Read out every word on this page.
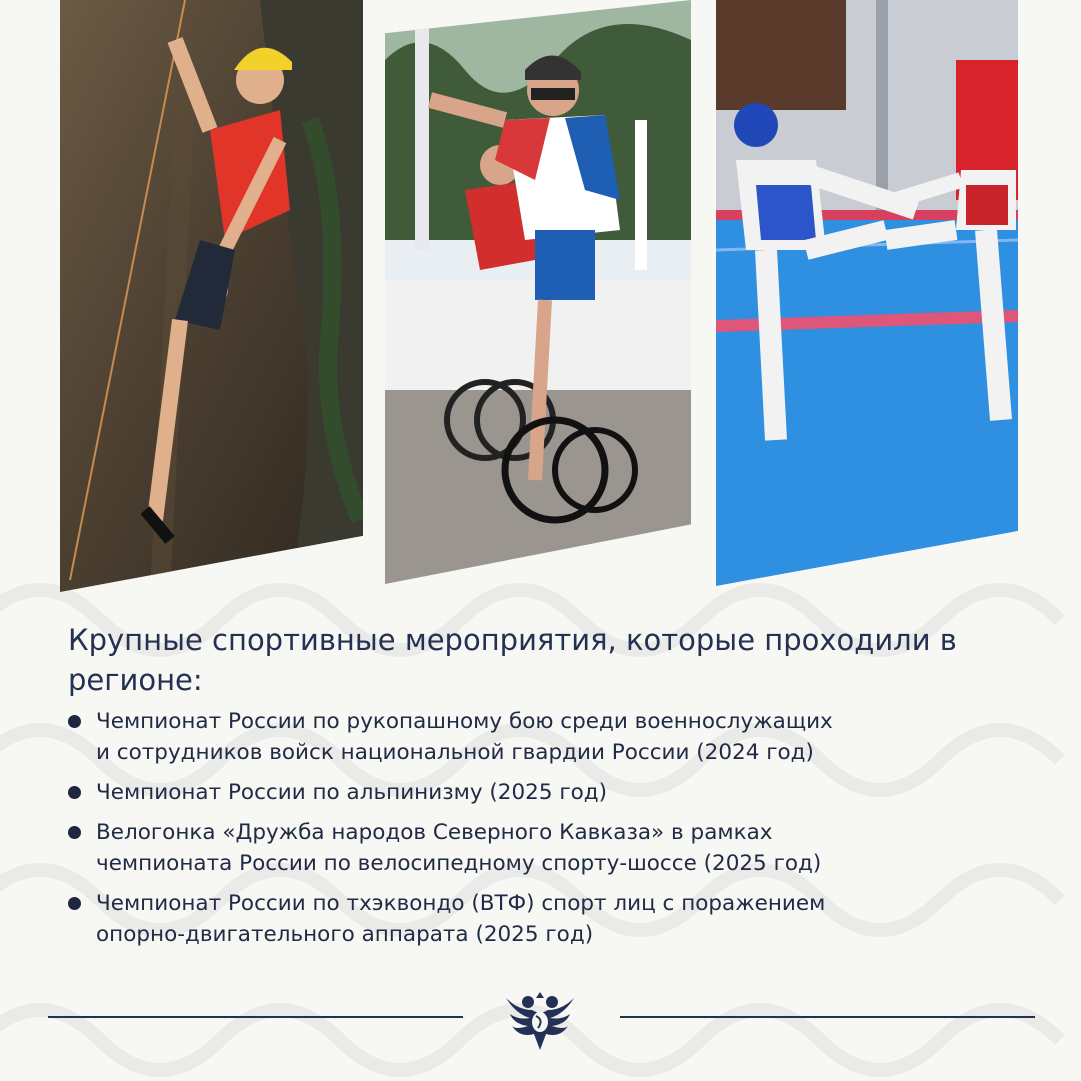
Крупные спортивные мероприятия, которые проходили в регионе:
Чемпионат России по рукопашному бою среди военнослужащих
и сотрудников войск национальной гвардии России (2024 год)
Чемпионат России по альпинизму (2025 год)
Велогонка «Дружба народов Северного Кавказа» в рамках
чемпионата России по велосипедному спорту-шоссе (2025 год)
Чемпионат России по тхэквондо (ВТФ) спорт лиц с поражением
опорно-двигательного аппарата (2025 год)
